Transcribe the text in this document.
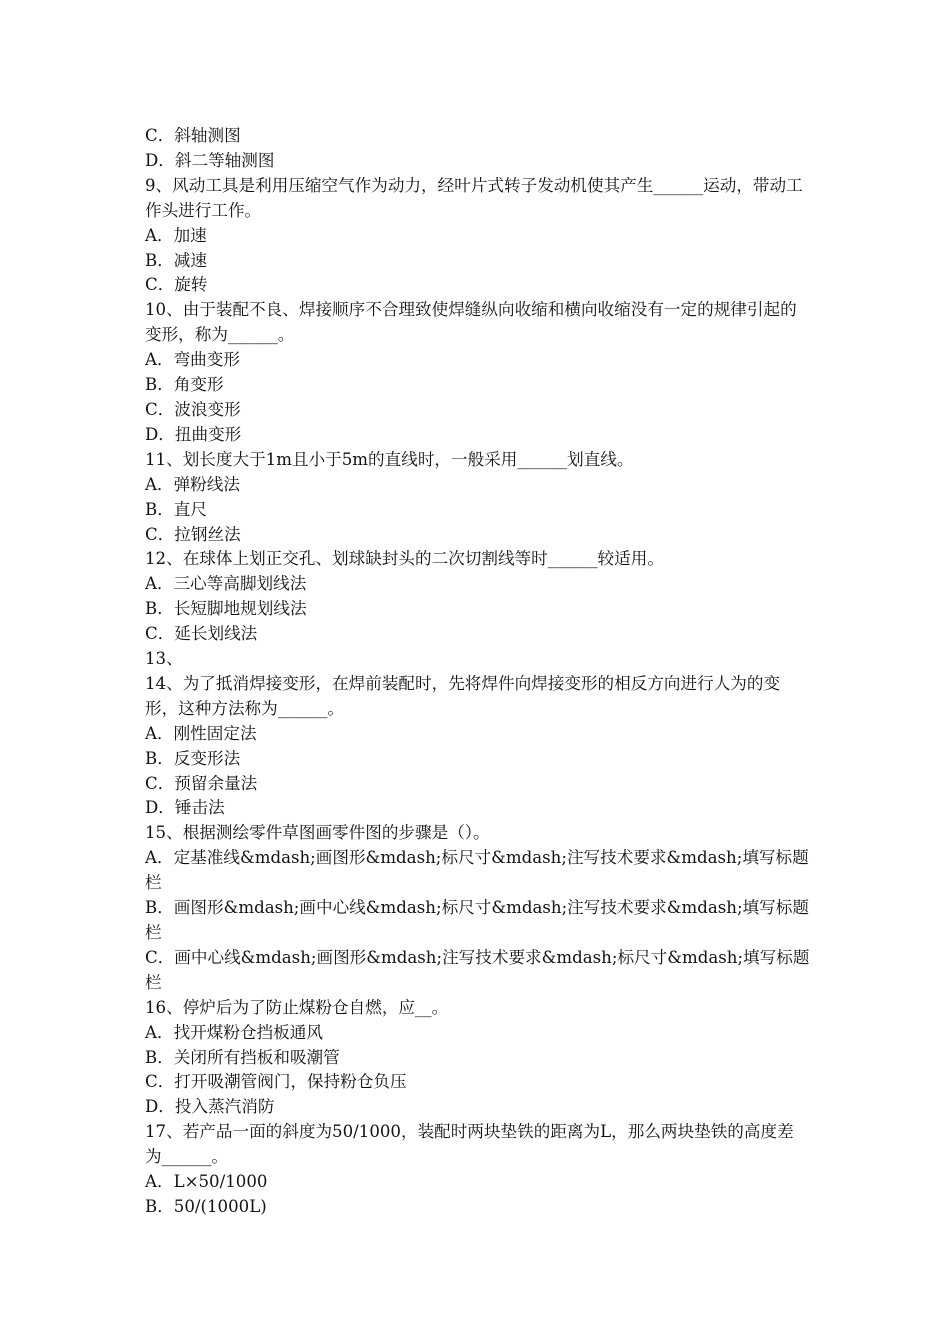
C．斜轴测图

D．斜二等轴测图

9、风动工具是利用压缩空气作为动力，经叶片式转子发动机使其产生______运动，带动工作头进行工作。

A．加速

B．减速

C．旋转

10、由于装配不良、焊接顺序不合理致使焊缝纵向收缩和横向收缩没有一定的规律引起的变形，称为______。

A．弯曲变形

B．角变形

C．波浪变形

D．扭曲变形

11、划长度大于1m且小于5m的直线时，一般采用______划直线。

A．弹粉线法

B．直尺

C．拉钢丝法

12、在球体上划正交孔、划球缺封头的二次切割线等时______较适用。

A．三心等高脚划线法

B．长短脚地规划线法

C．延长划线法

13、

14、为了抵消焊接变形，在焊前装配时，先将焊件向焊接变形的相反方向进行人为的变形，这种方法称为______。

A．刚性固定法

B．反变形法

C．预留余量法

D．锤击法

15、根据测绘零件草图画零件图的步骤是（）。

A．定基准线&mdash;画图形&mdash;标尺寸&mdash;注写技术要求&mdash;填写标题栏

B．画图形&mdash;画中心线&mdash;标尺寸&mdash;注写技术要求&mdash;填写标题栏

C．画中心线&mdash;画图形&mdash;注写技术要求&mdash;标尺寸&mdash;填写标题栏

16、停炉后为了防止煤粉仓自燃，应__。

A．找开煤粉仓挡板通风

B．关闭所有挡板和吸潮管

C．打开吸潮管阀门，保持粉仓负压

D．投入蒸汽消防

17、若产品一面的斜度为50/1000，装配时两块垫铁的距离为L，那么两块垫铁的高度差为______。

A．L×50/1000

B．50/(1000L)
